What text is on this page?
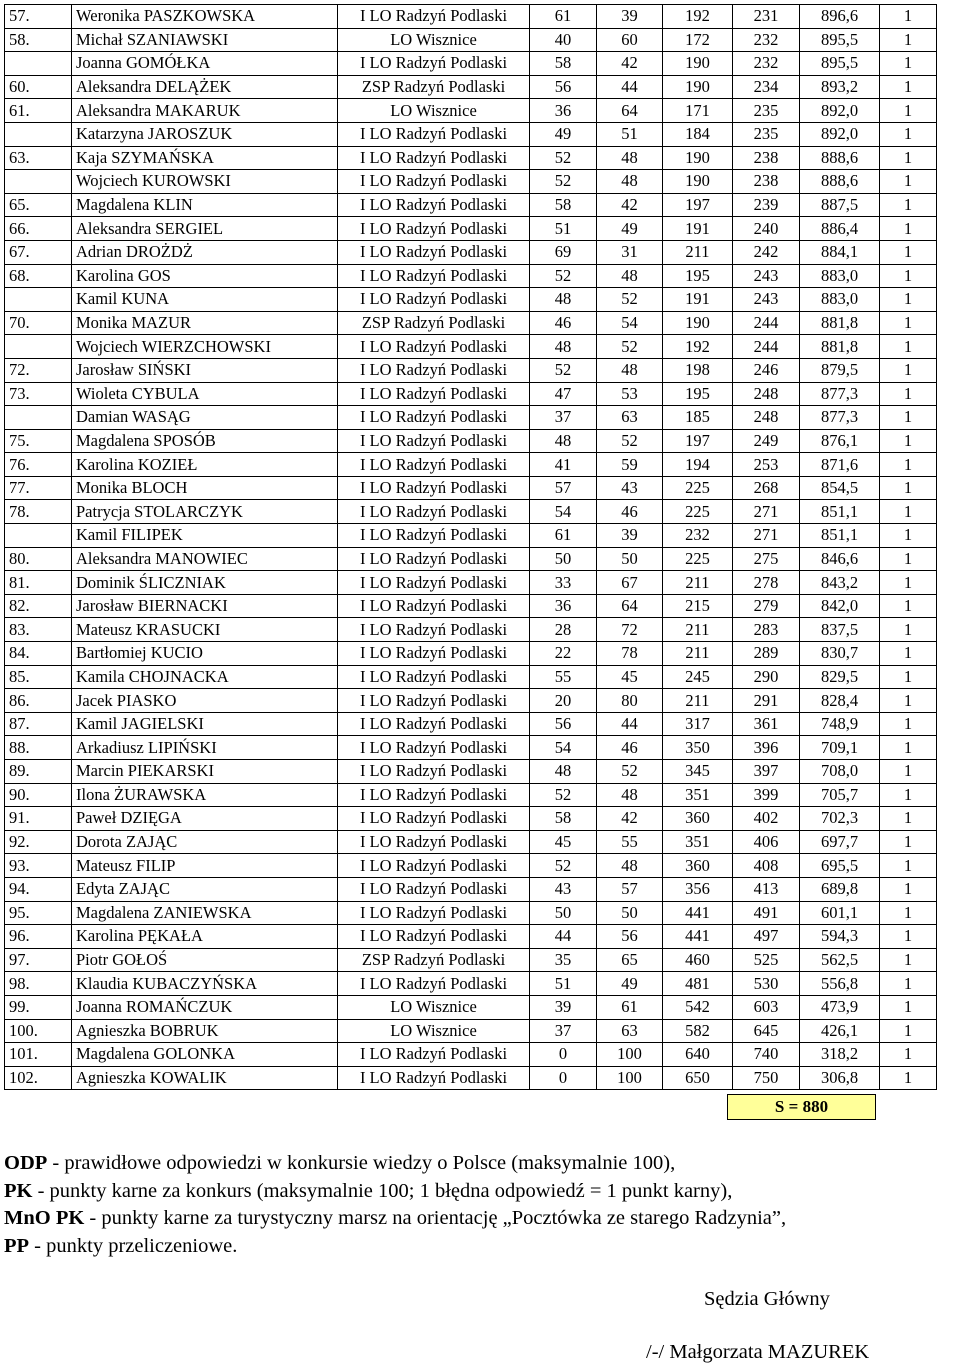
57.	Weronika PASZKOWSKA	I LO Radzyń Podlaski	61	39	192	231	896,6	1
58.	Michał SZANIAWSKI	LO Wisznice	40	60	172	232	895,5	1
	Joanna GOMÓŁKA	I LO Radzyń Podlaski	58	42	190	232	895,5	1
60.	Aleksandra DELĄŻEK	ZSP Radzyń Podlaski	56	44	190	234	893,2	1
61.	Aleksandra MAKARUK	LO Wisznice	36	64	171	235	892,0	1
	Katarzyna JAROSZUK	I LO Radzyń Podlaski	49	51	184	235	892,0	1
63.	Kaja SZYMAŃSKA	I LO Radzyń Podlaski	52	48	190	238	888,6	1
	Wojciech KUROWSKI	I LO Radzyń Podlaski	52	48	190	238	888,6	1
65.	Magdalena KLIN	I LO Radzyń Podlaski	58	42	197	239	887,5	1
66.	Aleksandra SERGIEL	I LO Radzyń Podlaski	51	49	191	240	886,4	1
67.	Adrian DROŻDŻ	I LO Radzyń Podlaski	69	31	211	242	884,1	1
68.	Karolina GOS	I LO Radzyń Podlaski	52	48	195	243	883,0	1
	Kamil KUNA	I LO Radzyń Podlaski	48	52	191	243	883,0	1
70.	Monika MAZUR	ZSP Radzyń Podlaski	46	54	190	244	881,8	1
	Wojciech WIERZCHOWSKI	I LO Radzyń Podlaski	48	52	192	244	881,8	1
72.	Jarosław SIŃSKI	I LO Radzyń Podlaski	52	48	198	246	879,5	1
73.	Wioleta CYBULA	I LO Radzyń Podlaski	47	53	195	248	877,3	1
	Damian WASĄG	I LO Radzyń Podlaski	37	63	185	248	877,3	1
75.	Magdalena SPOSÓB	I LO Radzyń Podlaski	48	52	197	249	876,1	1
76.	Karolina KOZIEŁ	I LO Radzyń Podlaski	41	59	194	253	871,6	1
77.	Monika BLOCH	I LO Radzyń Podlaski	57	43	225	268	854,5	1
78.	Patrycja STOLARCZYK	I LO Radzyń Podlaski	54	46	225	271	851,1	1
	Kamil FILIPEK	I LO Radzyń Podlaski	61	39	232	271	851,1	1
80.	Aleksandra MANOWIEC	I LO Radzyń Podlaski	50	50	225	275	846,6	1
81.	Dominik ŚLICZNIAK	I LO Radzyń Podlaski	33	67	211	278	843,2	1
82.	Jarosław BIERNACKI	I LO Radzyń Podlaski	36	64	215	279	842,0	1
83.	Mateusz KRASUCKI	I LO Radzyń Podlaski	28	72	211	283	837,5	1
84.	Bartłomiej KUCIO	I LO Radzyń Podlaski	22	78	211	289	830,7	1
85.	Kamila CHOJNACKA	I LO Radzyń Podlaski	55	45	245	290	829,5	1
86.	Jacek PIASKO	I LO Radzyń Podlaski	20	80	211	291	828,4	1
87.	Kamil JAGIELSKI	I LO Radzyń Podlaski	56	44	317	361	748,9	1
88.	Arkadiusz LIPIŃSKI	I LO Radzyń Podlaski	54	46	350	396	709,1	1
89.	Marcin PIEKARSKI	I LO Radzyń Podlaski	48	52	345	397	708,0	1
90.	Ilona ŻURAWSKA	I LO Radzyń Podlaski	52	48	351	399	705,7	1
91.	Paweł DZIĘGA	I LO Radzyń Podlaski	58	42	360	402	702,3	1
92.	Dorota ZAJĄC	I LO Radzyń Podlaski	45	55	351	406	697,7	1
93.	Mateusz FILIP	I LO Radzyń Podlaski	52	48	360	408	695,5	1
94.	Edyta ZAJĄC	I LO Radzyń Podlaski	43	57	356	413	689,8	1
95.	Magdalena ZANIEWSKA	I LO Radzyń Podlaski	50	50	441	491	601,1	1
96.	Karolina PĘKAŁA	I LO Radzyń Podlaski	44	56	441	497	594,3	1
97.	Piotr GOŁOŚ	ZSP Radzyń Podlaski	35	65	460	525	562,5	1
98.	Klaudia KUBACZYŃSKA	I LO Radzyń Podlaski	51	49	481	530	556,8	1
99.	Joanna ROMAŃCZUK	LO Wisznice	39	61	542	603	473,9	1
100.	Agnieszka BOBRUK	LO Wisznice	37	63	582	645	426,1	1
101.	Magdalena GOLONKA	I LO Radzyń Podlaski	0	100	640	740	318,2	1
102.	Agnieszka KOWALIK	I LO Radzyń Podlaski	0	100	650	750	306,8	1
S = 880
ODP - prawidłowe odpowiedzi w konkursie wiedzy o Polsce (maksymalnie 100),
PK - punkty karne za konkurs (maksymalnie 100; 1 błędna odpowiedź = 1 punkt karny),
MnO PK - punkty karne za turystyczny marsz na orientację „Pocztówka ze starego Radzynia”,
PP - punkty przeliczeniowe.
Sędzia Główny
/-/ Małgorzata MAZUREK
